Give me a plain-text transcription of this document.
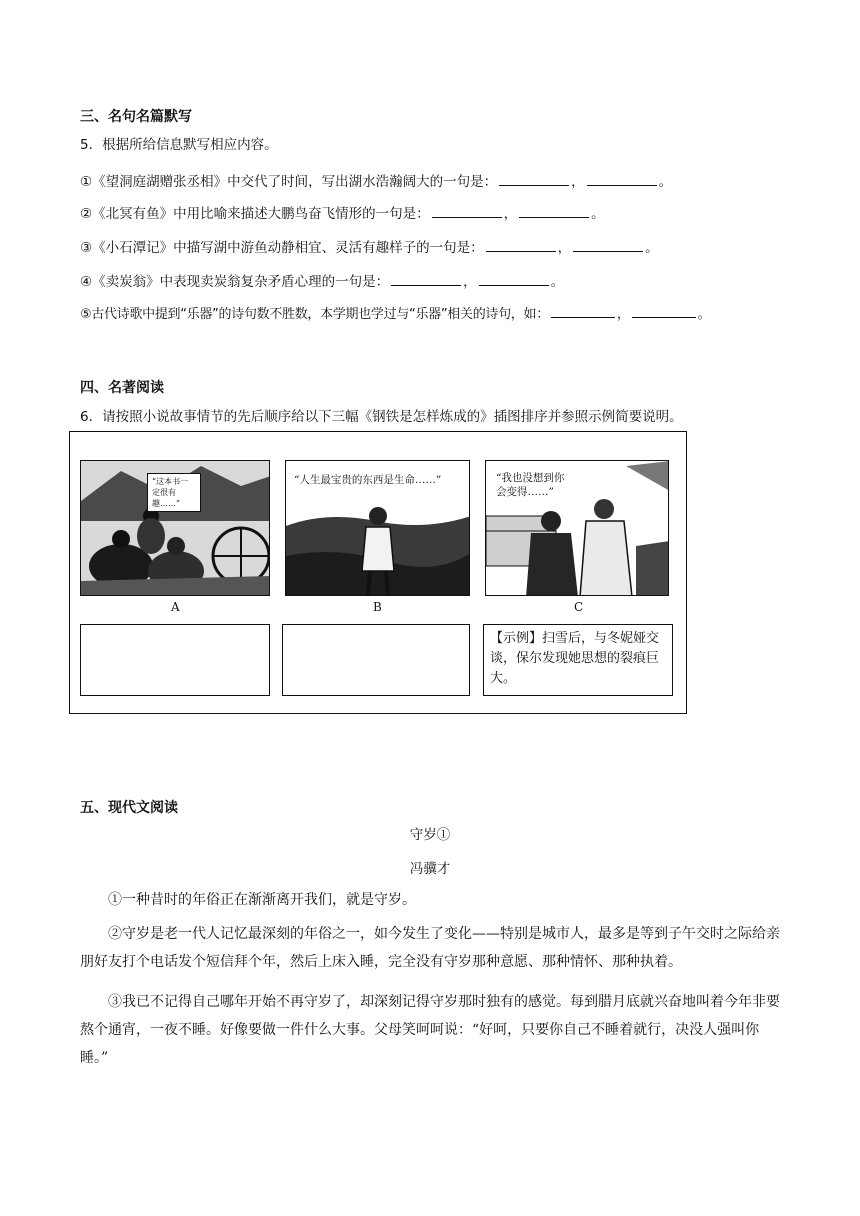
三、名句名篇默写
5．根据所给信息默写相应内容。
①《望洞庭湖赠张丞相》中交代了时间，写出湖水浩瀚阔大的一句是：	，	。
②《北冥有鱼》中用比喻来描述大鹏鸟奋飞情形的一句是：	，	。
③《小石潭记》中描写湖中游鱼动静相宜、灵活有趣样子的一句是：	，	。
④《卖炭翁》中表现卖炭翁复杂矛盾心理的一句是：	，	。
⑤古代诗歌中提到“乐器”的诗句数不胜数，本学期也学过与“乐器”相关的诗句，如：	，	。
四、名著阅读
6．请按照小说故事情节的先后顺序给以下三幅《钢铁是怎样炼成的》插图排序并参照示例简要说明。
“这本书一定很有趣……”
A
“人生最宝贵的东西是生命……”
B
“我也没想到你会变得……”
C
【示例】扫雪后，与冬妮娅交谈，保尔发现她思想的裂痕巨大。
五、现代文阅读
守岁①
冯骥才
①一种昔时的年俗正在渐渐离开我们，就是守岁。
②守岁是老一代人记忆最深刻的年俗之一，如今发生了变化——特别是城市人，最多是等到子午交时之际给亲朋好友打个电话发个短信拜个年，然后上床入睡，完全没有守岁那种意愿、那种情怀、那种执着。
③我已不记得自己哪年开始不再守岁了，却深刻记得守岁那时独有的感觉。每到腊月底就兴奋地叫着今年非要熬个通宵，一夜不睡。好像要做一件什么大事。父母笑呵呵说：“好呵，只要你自己不睡着就行，决没人强叫你睡。”
